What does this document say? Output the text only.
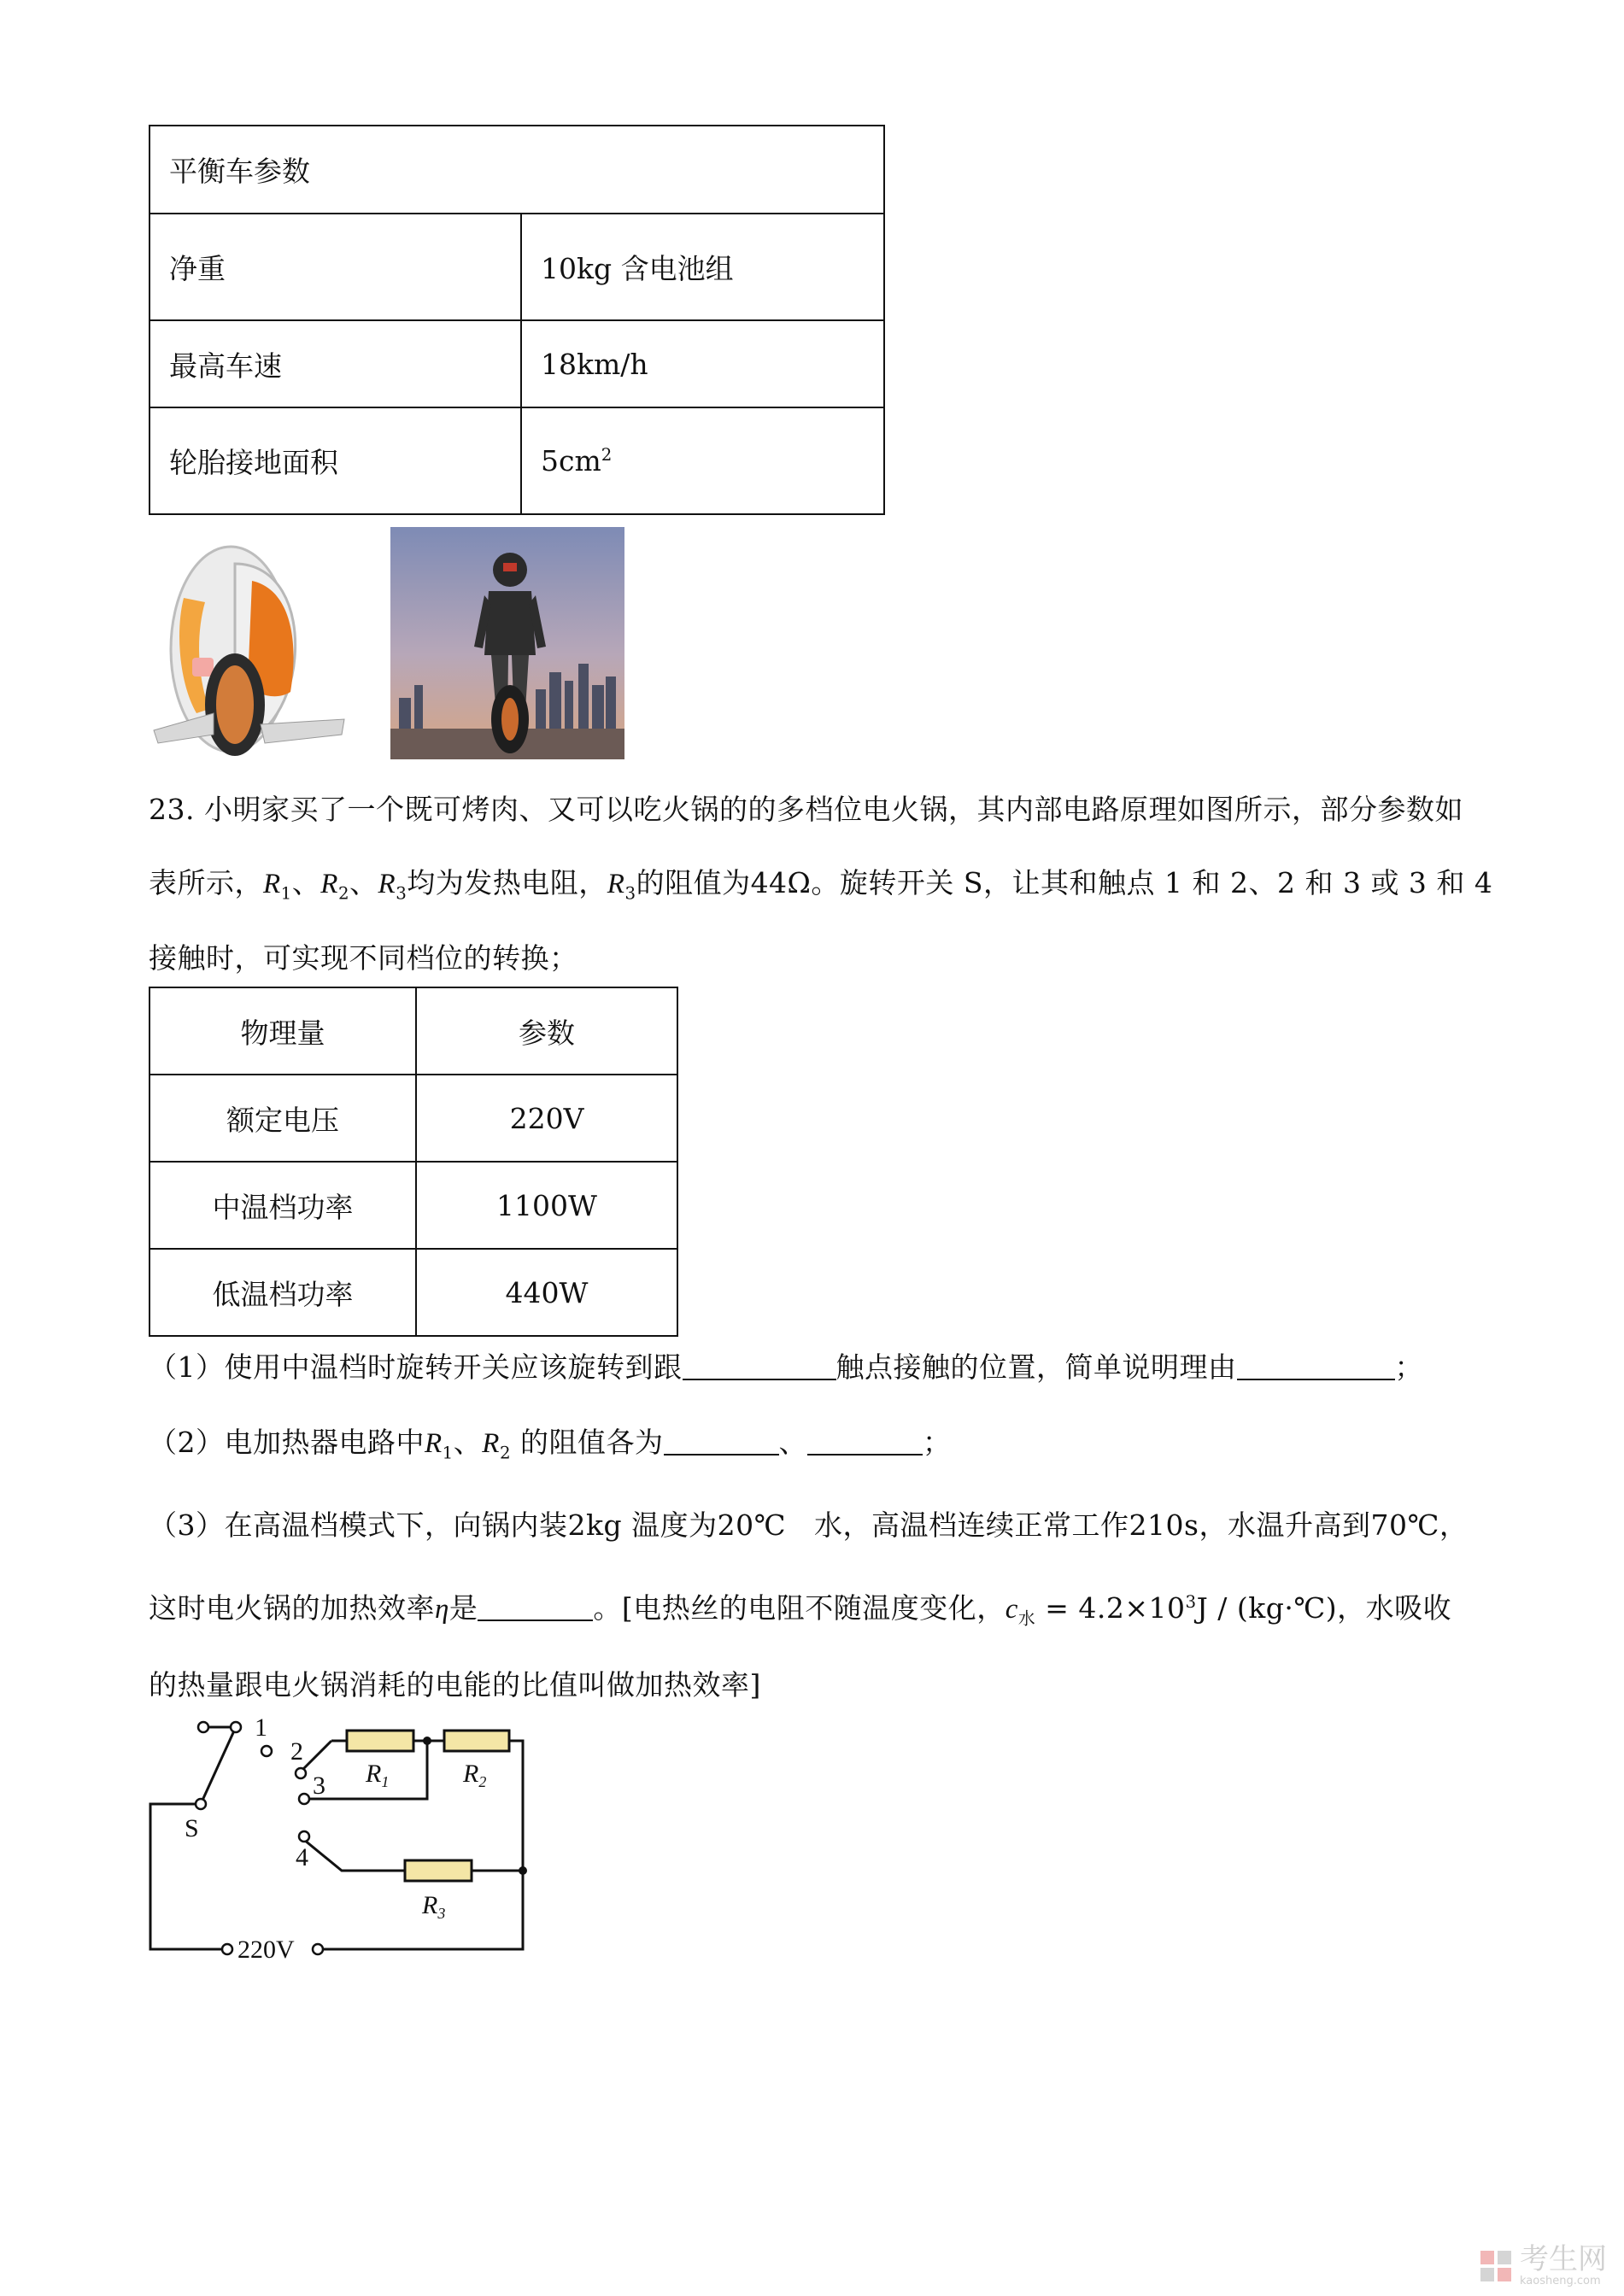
平衡车参数	
净重	10kg 含电池组
最高车速	18km/h
轮胎接地面积	$5cm^2$
23. 小明家买了一个既可烤肉、又可以吃火锅的的多档位电火锅，其内部电路原理如图所示，部分参数如
表所示，$R_1$、$R_2$、$R_3$均为发热电阻，$R_3$的阻值为44Ω。旋转开关 S，让其和触点 1 和 2、2 和 3 或 3 和 4
接触时，可实现不同档位的转换；
物理量	参数
额定电压	220V
中温档功率	1100W
低温档功率	440W
（1）使用中温档时旋转开关应该旋转到跟	触点接触的位置，简单说明理由	；
（2）电加热器电路中$R_1$、$R_2$ 的阻值各为	、	；
（3）在高温档模式下，向锅内装2kg 温度为20℃ 水，高温档连续正常工作210s，水温升高到70℃，
这时电火锅的加热效率η是	。[电热丝的电阻不随温度变化，$c_水 = 4.2\times 10^3J$ / (kg·℃)，水吸收
的热量跟电火锅消耗的电能的比值叫做加热效率]
1
2
3
4
S
220V
$R_1$	$R_2$
$R_3$
考生网
kaosheng.com
